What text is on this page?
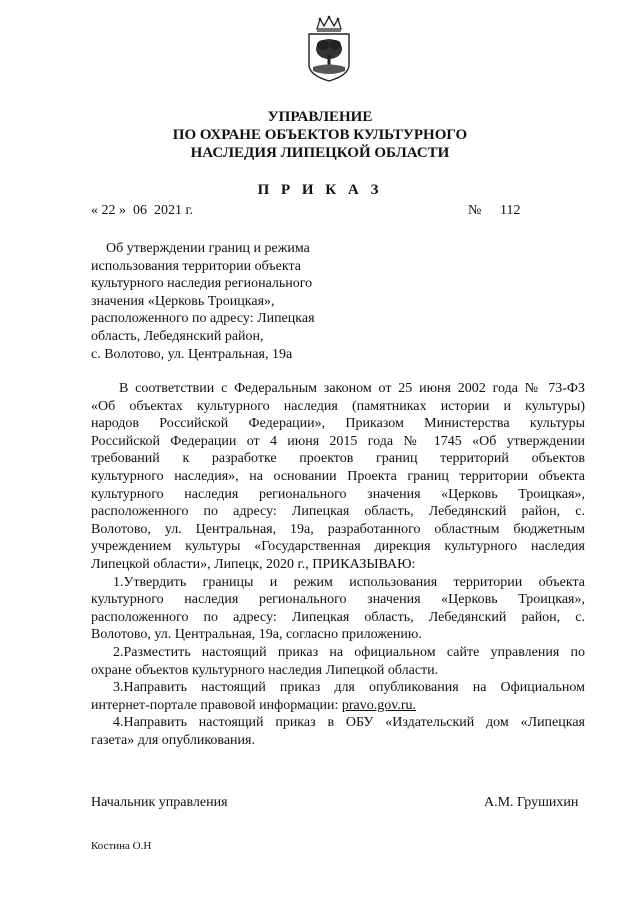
УПРАВЛЕНИЕ
ПО ОХРАНЕ ОБЪЕКТОВ КУЛЬТУРНОГО
НАСЛЕДИЯ ЛИПЕЦКОЙ ОБЛАСТИ
П Р И К А З
« 22 »  06  2021 г.	№ 112
Об утверждении границ и режима
использования территории объекта
культурного наследия регионального
значения «Церковь Троицкая»,
расположенного по адресу: Липецкая
область, Лебедянский район,
с. Волотово, ул. Центральная, 19а
В соответствии с Федеральным законом от 25 июня 2002 года № 73-ФЗ
«Об объектах культурного наследия (памятниках истории и культуры)
народов Российской Федерации», Приказом Министерства культуры
Российской Федерации от 4 июня 2015 года № 1745 «Об утверждении
требований к разработке проектов границ территорий объектов
культурного наследия», на основании Проекта границ территории объекта
культурного наследия регионального значения «Церковь Троицкая»,
расположенного по адресу: Липецкая область, Лебедянский район, с.
Волотово, ул. Центральная, 19а, разработанного областным бюджетным
учреждением культуры «Государственная дирекция культурного наследия
Липецкой области», Липецк, 2020 г., ПРИКАЗЫВАЮ:
1.Утвердить границы и режим использования территории объекта
культурного наследия регионального значения «Церковь Троицкая»,
расположенного по адресу: Липецкая область, Лебедянский район, с.
Волотово, ул. Центральная, 19а, согласно приложению.
2.Разместить настоящий приказ на официальном сайте управления по
охране объектов культурного наследия Липецкой области.
3.Направить настоящий приказ для опубликования на Официальном
интернет-портале правовой информации: pravo.gov.ru.
4.Направить настоящий приказ в ОБУ «Издательский дом «Липецкая
газета» для опубликования.
Начальник управления	А.М. Грушихин
Костина О.Н
